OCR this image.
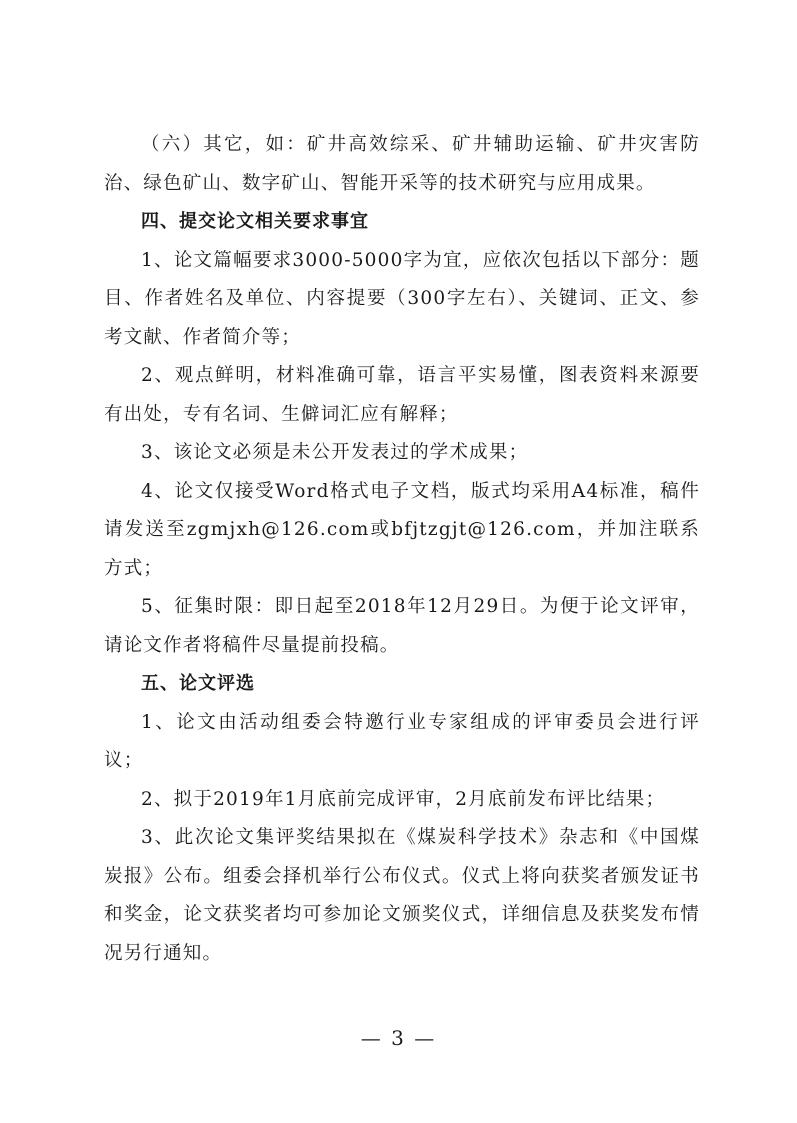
（六）其它，如：矿井高效综采、矿井辅助运输、矿井灾害防治、绿色矿山、数字矿山、智能开采等的技术研究与应用成果。

四、提交论文相关要求事宜

1、论文篇幅要求3000-5000字为宜，应依次包括以下部分：题目、作者姓名及单位、内容提要（300字左右）、关键词、正文、参考文献、作者简介等；

2、观点鲜明，材料准确可靠，语言平实易懂，图表资料来源要有出处，专有名词、生僻词汇应有解释；

3、该论文必须是未公开发表过的学术成果；

4、论文仅接受Word格式电子文档，版式均采用A4标准，稿件请发送至zgmjxh@126.com或bfjtzgjt@126.com，并加注联系方式；

5、征集时限：即日起至2018年12月29日。为便于论文评审，请论文作者将稿件尽量提前投稿。

五、论文评选

1、论文由活动组委会特邀行业专家组成的评审委员会进行评议；

2、拟于2019年1月底前完成评审，2月底前发布评比结果；

3、此次论文集评奖结果拟在《煤炭科学技术》杂志和《中国煤炭报》公布。组委会择机举行公布仪式。仪式上将向获奖者颁发证书和奖金，论文获奖者均可参加论文颁奖仪式，详细信息及获奖发布情况另行通知。

— 3 —
